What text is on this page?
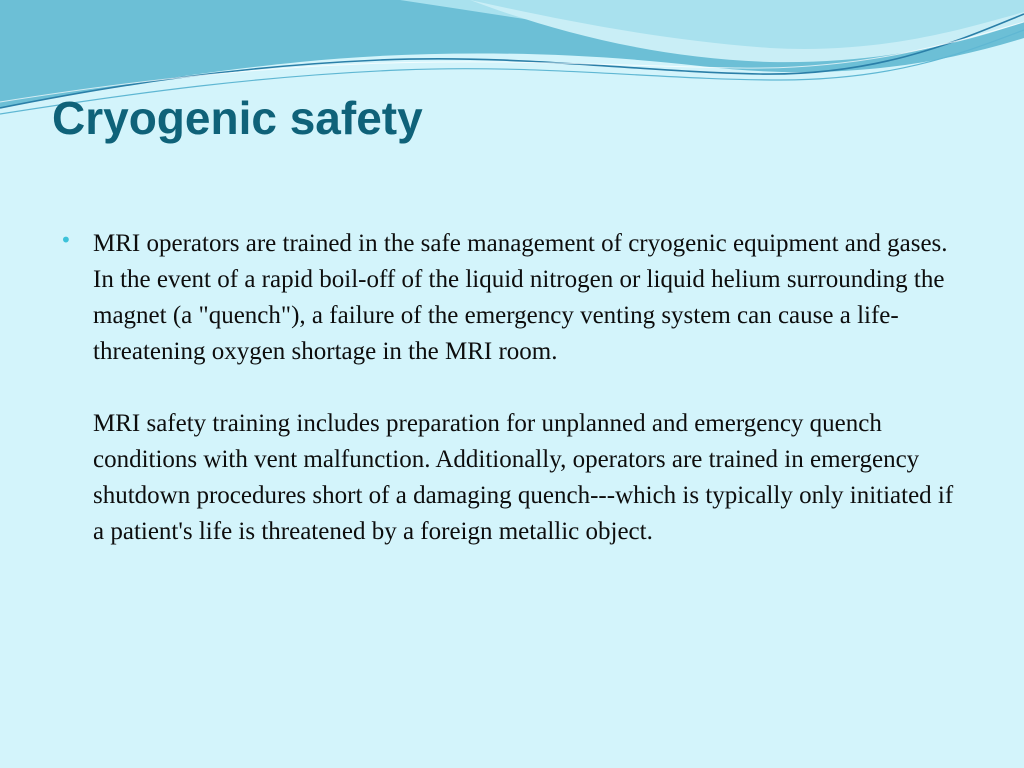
Cryogenic safety
• MRI operators are trained in the safe management of cryogenic equipment and gases. In the event of a rapid boil-off of the liquid nitrogen or liquid helium surrounding the magnet (a "quench"), a failure of the emergency venting system can cause a life-threatening oxygen shortage in the MRI room.

MRI safety training includes preparation for unplanned and emergency quench conditions with vent malfunction. Additionally, operators are trained in emergency shutdown procedures short of a damaging quench---which is typically only initiated if a patient's life is threatened by a foreign metallic object.
